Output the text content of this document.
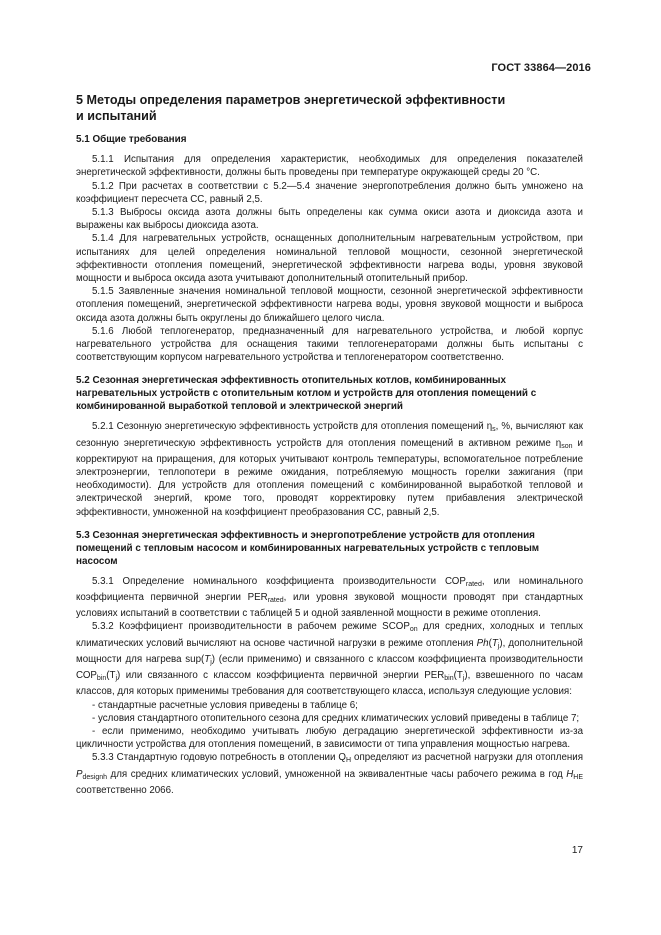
ГОСТ 33864—2016
5 Методы определения параметров энергетической эффективности
и испытаний
5.1 Общие требования

5.1.1 Испытания для определения характеристик, необходимых для определения показателей энергетической эффективности, должны быть проведены при температуре окружающей среды 20 °С.

5.1.2 При расчетах в соответствии с 5.2—5.4 значение энергопотребления должно быть умножено на коэффициент пересчета СС, равный 2,5.

5.1.3 Выбросы оксида азота должны быть определены как сумма окиси азота и диоксида азота и выражены как выбросы диоксида азота.

5.1.4 Для нагревательных устройств, оснащенных дополнительным нагревательным устройством, при испытаниях для целей определения номинальной тепловой мощности, сезонной энергетической эффективности отопления помещений, энергетической эффективности нагрева воды, уровня звуковой мощности и выброса оксида азота учитывают дополнительный отопительный прибор.

5.1.5 Заявленные значения номинальной тепловой мощности, сезонной энергетической эффективности отопления помещений, энергетической эффективности нагрева воды, уровня звуковой мощности и выброса оксида азота должны быть округлены до ближайшего целого числа.

5.1.6 Любой теплогенератор, предназначенный для нагревательного устройства, и любой корпус нагревательного устройства для оснащения такими теплогенераторами должны быть испытаны с соответствующим корпусом нагревательного устройства и теплогенератором соответственно.

5.2 Сезонная энергетическая эффективность отопительных котлов, комбинированных нагревательных устройств с отопительным котлом и устройств для отопления помещений с комбинированной выработкой тепловой и электрической энергий

5.2.1 Сезонную энергетическую эффективность устройств для отопления помещений $\eta_s$, %, вычисляют как сезонную энергетическую эффективность устройств для отопления помещений в активном режиме $\eta_{son}$ и корректируют на приращения, для которых учитывают контроль температуры, вспомогательное потребление электроэнергии, теплопотери в режиме ожидания, потребляемую мощность горелки зажигания (при необходимости). Для устройств для отопления помещений с комбинированной выработкой тепловой и электрической энергий, кроме того, проводят корректировку путем прибавления электрической эффективности, умноженной на коэффициент преобразования СС, равный 2,5.

5.3 Сезонная энергетическая эффективность и энергопотребление устройств для отопления помещений с тепловым насосом и комбинированных нагревательных устройств с тепловым насосом

5.3.1 Определение номинального коэффициента производительности $СОР_{rated}$, или номинального коэффициента первичной энергии $PER_{rated}$, или уровня звуковой мощности проводят при стандартных условиях испытаний в соответствии с таблицей 5 и одной заявленной мощности в режиме отопления.

5.3.2 Коэффициент производительности в рабочем режиме $SCOP_{on}$ для средних, холодных и теплых климатических условий вычисляют на основе частичной нагрузки в режиме отопления $Ph(T_j)$, дополнительной мощности для нагрева $sup(T_j)$ (если применимо) и связанного с классом коэффициента производительности $СОР_{bin}(T_j)$ или связанного с классом коэффициента первичной энергии $PER_{bin}(T_j)$, взвешенного по часам классов, для которых применимы требования для соответствующего класса, используя следующие условия:

- стандартные расчетные условия приведены в таблице 6;

- условия стандартного отопительного сезона для средних климатических условий приведены в таблице 7;

- если применимо, необходимо учитывать любую деградацию энергетической эффективности из-за цикличности устройства для отопления помещений, в зависимости от типа управления мощностью нагрева.

5.3.3 Стандартную годовую потребность в отоплении $Q_H$ определяют из расчетной нагрузки для отопления $P_{designh}$ для средних климатических условий, умноженной на эквивалентные часы рабочего режима в год $H_{HE}$ соответственно 2066.

17
